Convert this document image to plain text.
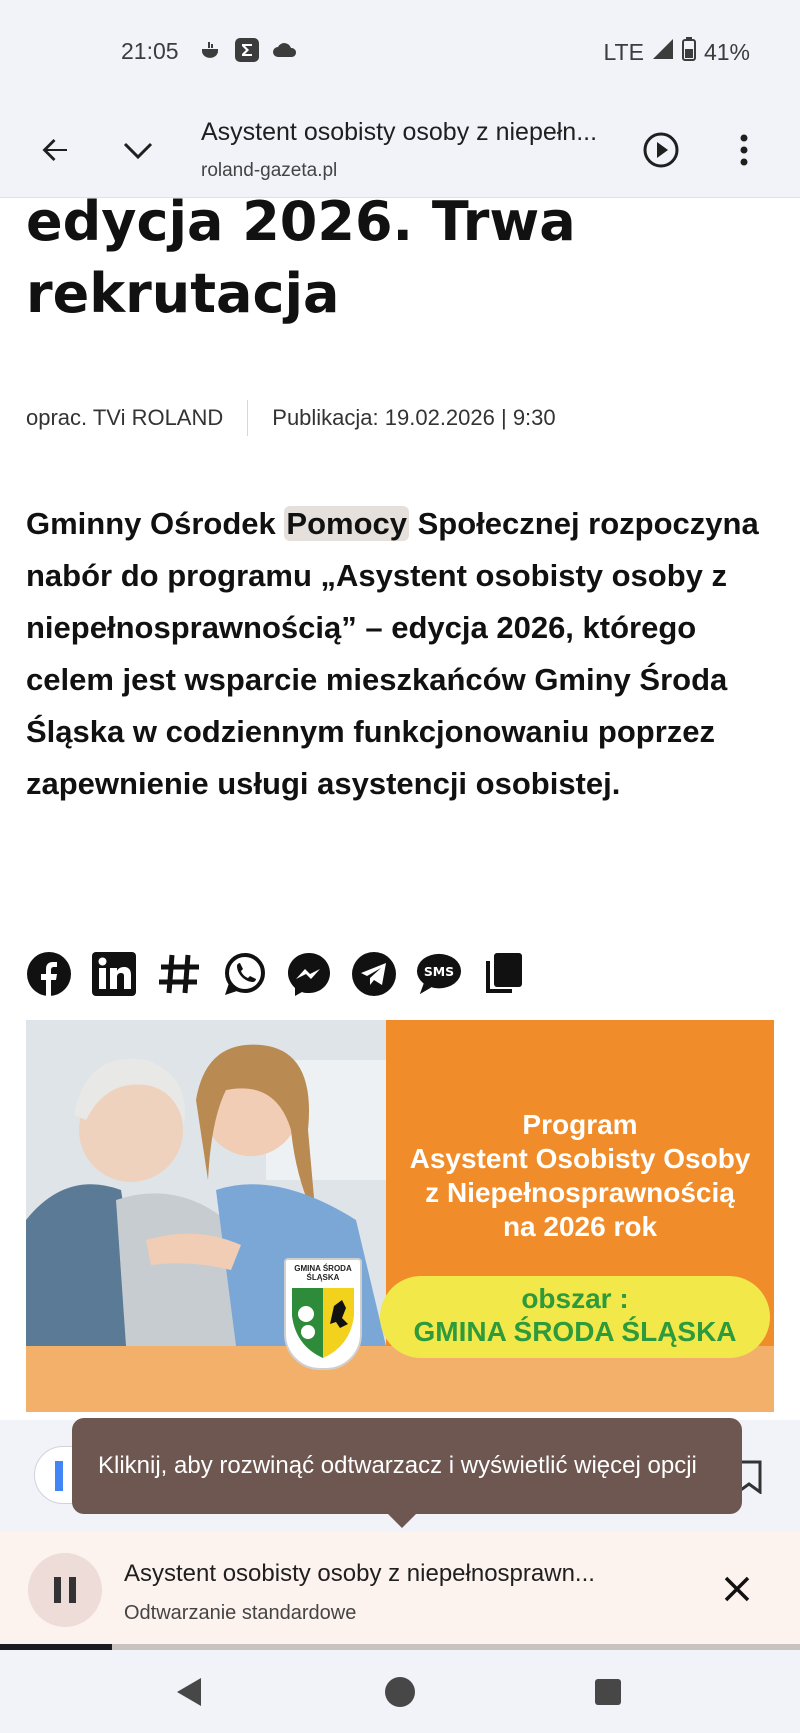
21:05	LTE	41%
Asystent osobisty osoby z niepełn...
roland-gazeta.pl
edycja 2026. Trwa rekrutacja
oprac. TVi ROLAND Publikacja: 19.02.2026 | 9:30

Gminny Ośrodek Pomocy Społecznej rozpoczyna nabór do programu „Asystent osobisty osoby z niepełnosprawnością” – edycja 2026, którego celem jest wsparcie mieszkańców Gminy Środa Śląska w codziennym funkcjonowaniu poprzez zapewnienie usługi asystencji osobistej.

SMS
Program
Asystent Osobisty Osoby
z Niepełnosprawnością
na 2026 rok
obszar :
GMINA ŚRODA ŚLĄSKA
GMINA ŚRODA ŚLĄSKA
Kliknij, aby rozwinąć odtwarzacz i wyświetlić więcej opcji
Asystent osobisty osoby z niepełnosprawn...
Odtwarzanie standardowe
